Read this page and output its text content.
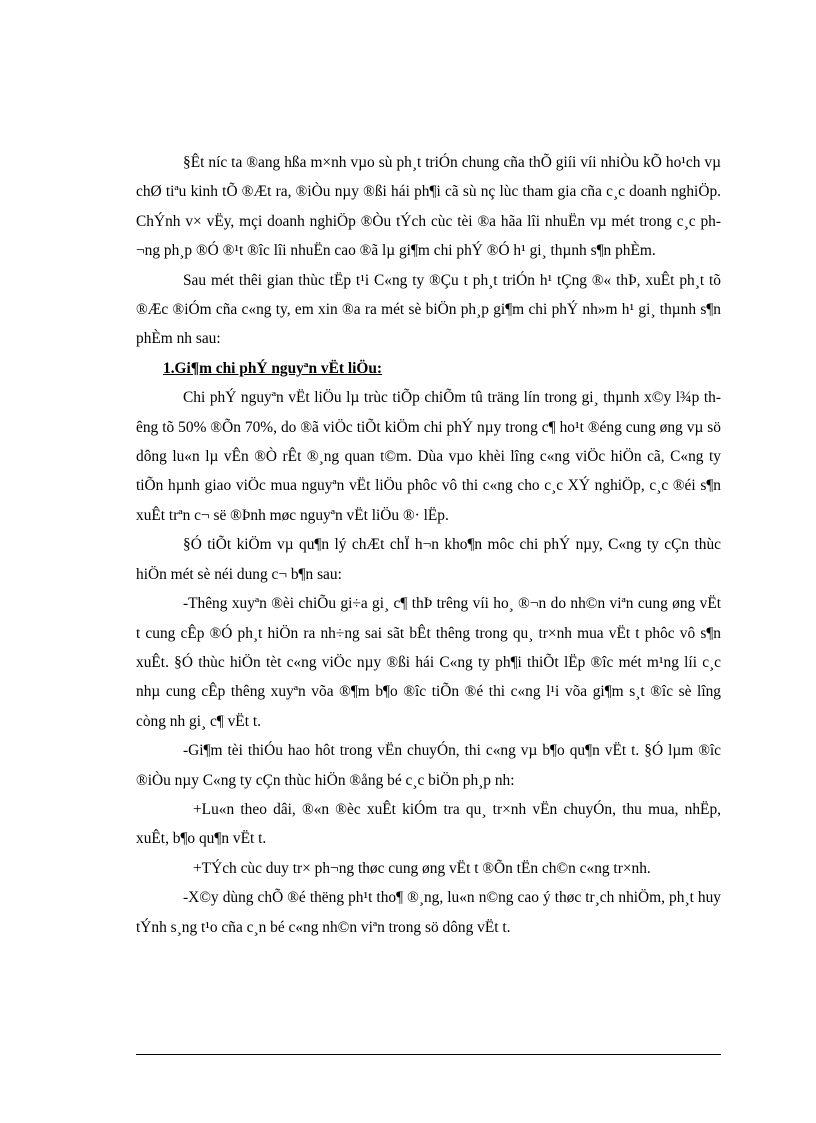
§Êt níc ta ®ang hßa m×nh vµo sù ph¸t triÓn chung cña thÕ giíi víi nhiÒu kÕ ho¹ch vµ chØ tiªu kinh tÕ ®Æt ra, ®iÒu nµy ®ßi hái ph¶i cã sù nç lùc tham gia cña c¸c doanh nghiÖp. ChÝnh v× vËy, mçi doanh nghiÖp ®Òu tÝch cùc tèi ®a hãa lîi nhuËn vµ mét trong c¸c ph¬ng ph¸p ®Ó ®¹t ®îc lîi nhuËn cao ®ã lµ gi¶m chi phÝ ®Ó h¹ gi¸ thµnh s¶n phÈm.

Sau mét thêi gian thùc tËp t¹i C«ng ty ®Çu t ph¸t triÓn h¹ tÇng ®« thÞ, xuÊt ph¸t tõ ®Æc ®iÓm cña c«ng ty, em xin ®a ra mét sè biÖn ph¸p gi¶m chi phÝ nh»m h¹ gi¸ thµnh s¶n phÈm nh sau:

1.Gi¶m chi phÝ nguyªn vËt liÖu:

Chi phÝ nguyªn vËt liÖu lµ trùc tiÕp chiÕm tû träng lín trong gi¸ thµnh x©y l¾p thêng tõ 50% ®Õn 70%, do ®ã viÖc tiÕt kiÖm chi phÝ nµy trong c¶ ho¹t ®éng cung øng vµ sö dông lu«n lµ vÊn ®Ò rÊt ®¸ng quan t©m. Dùa vµo khèi lîng c«ng viÖc hiÖn cã, C«ng ty tiÕn hµnh giao viÖc mua nguyªn vËt liÖu phôc vô thi c«ng cho c¸c XÝ nghiÖp, c¸c ®éi s¶n xuÊt trªn c¬ së ®Þnh møc nguyªn vËt liÖu ®· lËp.

§Ó tiÕt kiÖm vµ qu¶n lý chÆt chÏ h¬n kho¶n môc chi phÝ nµy, C«ng ty cÇn thùc hiÖn mét sè néi dung c¬ b¶n sau:

-Thêng xuyªn ®èi chiÕu gi÷a gi¸ c¶ thÞ trêng víi ho¸ ®¬n do nh©n viªn cung øng vËt t cung cÊp ®Ó ph¸t hiÖn ra nh÷ng sai sãt bÊt thêng trong qu¸ tr×nh mua vËt t phôc vô s¶n xuÊt. §Ó thùc hiÖn tèt c«ng viÖc nµy ®ßi hái C«ng ty ph¶i thiÕt lËp ®îc mét m¹ng líi c¸c nhµ cung cÊp thêng xuyªn võa ®¶m b¶o ®îc tiÕn ®é thi c«ng l¹i võa gi¶m s¸t ®îc sè lîng còng nh gi¸ c¶ vËt t.

-Gi¶m tèi thiÓu hao hôt trong vËn chuyÓn, thi c«ng vµ b¶o qu¶n vËt t. §Ó lµm ®îc ®iÒu nµy C«ng ty cÇn thùc hiÖn ®ång bé c¸c biÖn ph¸p nh:

+Lu«n theo dâi, ®«n ®èc xuÊt kiÓm tra qu¸ tr×nh vËn chuyÓn, thu mua, nhËp, xuÊt, b¶o qu¶n vËt t.

+TÝch cùc duy tr× ph¬ng thøc cung øng vËt t ®Õn tËn ch©n c«ng tr×nh.

-X©y dùng chÕ ®é thëng ph¹t tho¶ ®¸ng, lu«n n©ng cao ý thøc tr¸ch nhiÖm, ph¸t huy tÝnh s¸ng t¹o cña c¸n bé c«ng nh©n viªn trong sö dông vËt t.
